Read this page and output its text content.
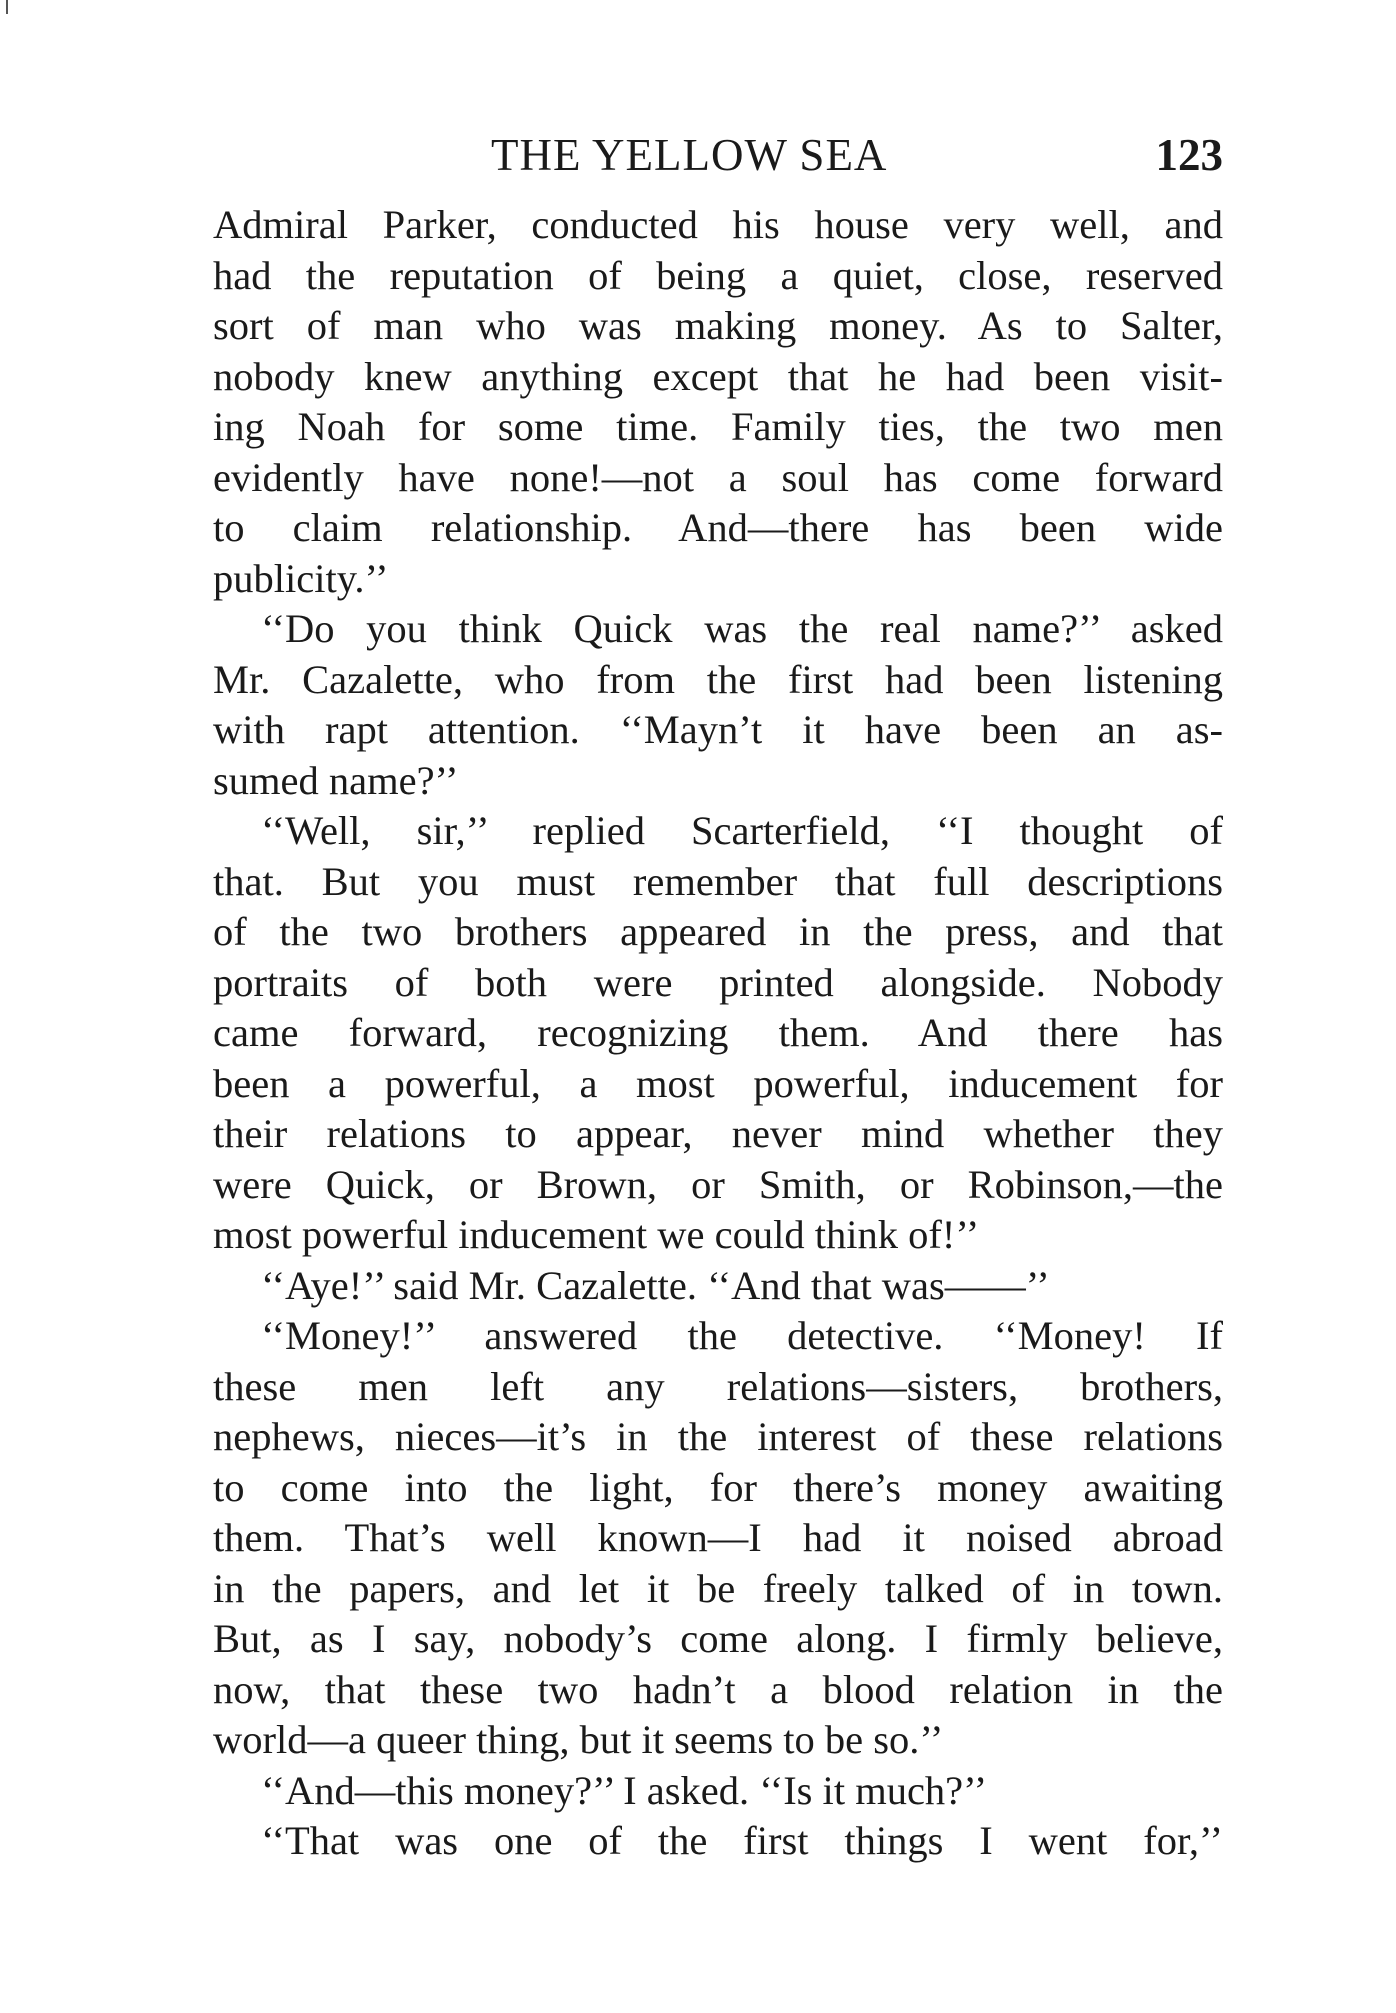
THE YELLOW SEA	123
Admiral Parker, conducted his house very well, and
had the reputation of being a quiet, close, reserved
sort of man who was making money. As to Salter,
nobody knew anything except that he had been visit-
ing Noah for some time. Family ties, the two men
evidently have none!—not a soul has come forward
to claim relationship. And—there has been wide
publicity.’’
‘‘Do you think Quick was the real name?’’ asked
Mr. Cazalette, who from the first had been listening
with rapt attention. ‘‘Mayn’t it have been an as-
sumed name?’’
‘‘Well, sir,’’ replied Scarterfield, ‘‘I thought of
that. But you must remember that full descriptions
of the two brothers appeared in the press, and that
portraits of both were printed alongside. Nobody
came forward, recognizing them. And there has
been a powerful, a most powerful, inducement for
their relations to appear, never mind whether they
were Quick, or Brown, or Smith, or Robinson,—the
most powerful inducement we could think of!’’
‘‘Aye!’’ said Mr. Cazalette. ‘‘And that was——’’
‘‘Money!’’ answered the detective. ‘‘Money! If
these men left any relations—sisters, brothers,
nephews, nieces—it’s in the interest of these relations
to come into the light, for there’s money awaiting
them. That’s well known—I had it noised abroad
in the papers, and let it be freely talked of in town.
But, as I say, nobody’s come along. I firmly believe,
now, that these two hadn’t a blood relation in the
world—a queer thing, but it seems to be so.’’
‘‘And—this money?’’ I asked. ‘‘Is it much?’’
‘‘That was one of the first things I went for,’’
